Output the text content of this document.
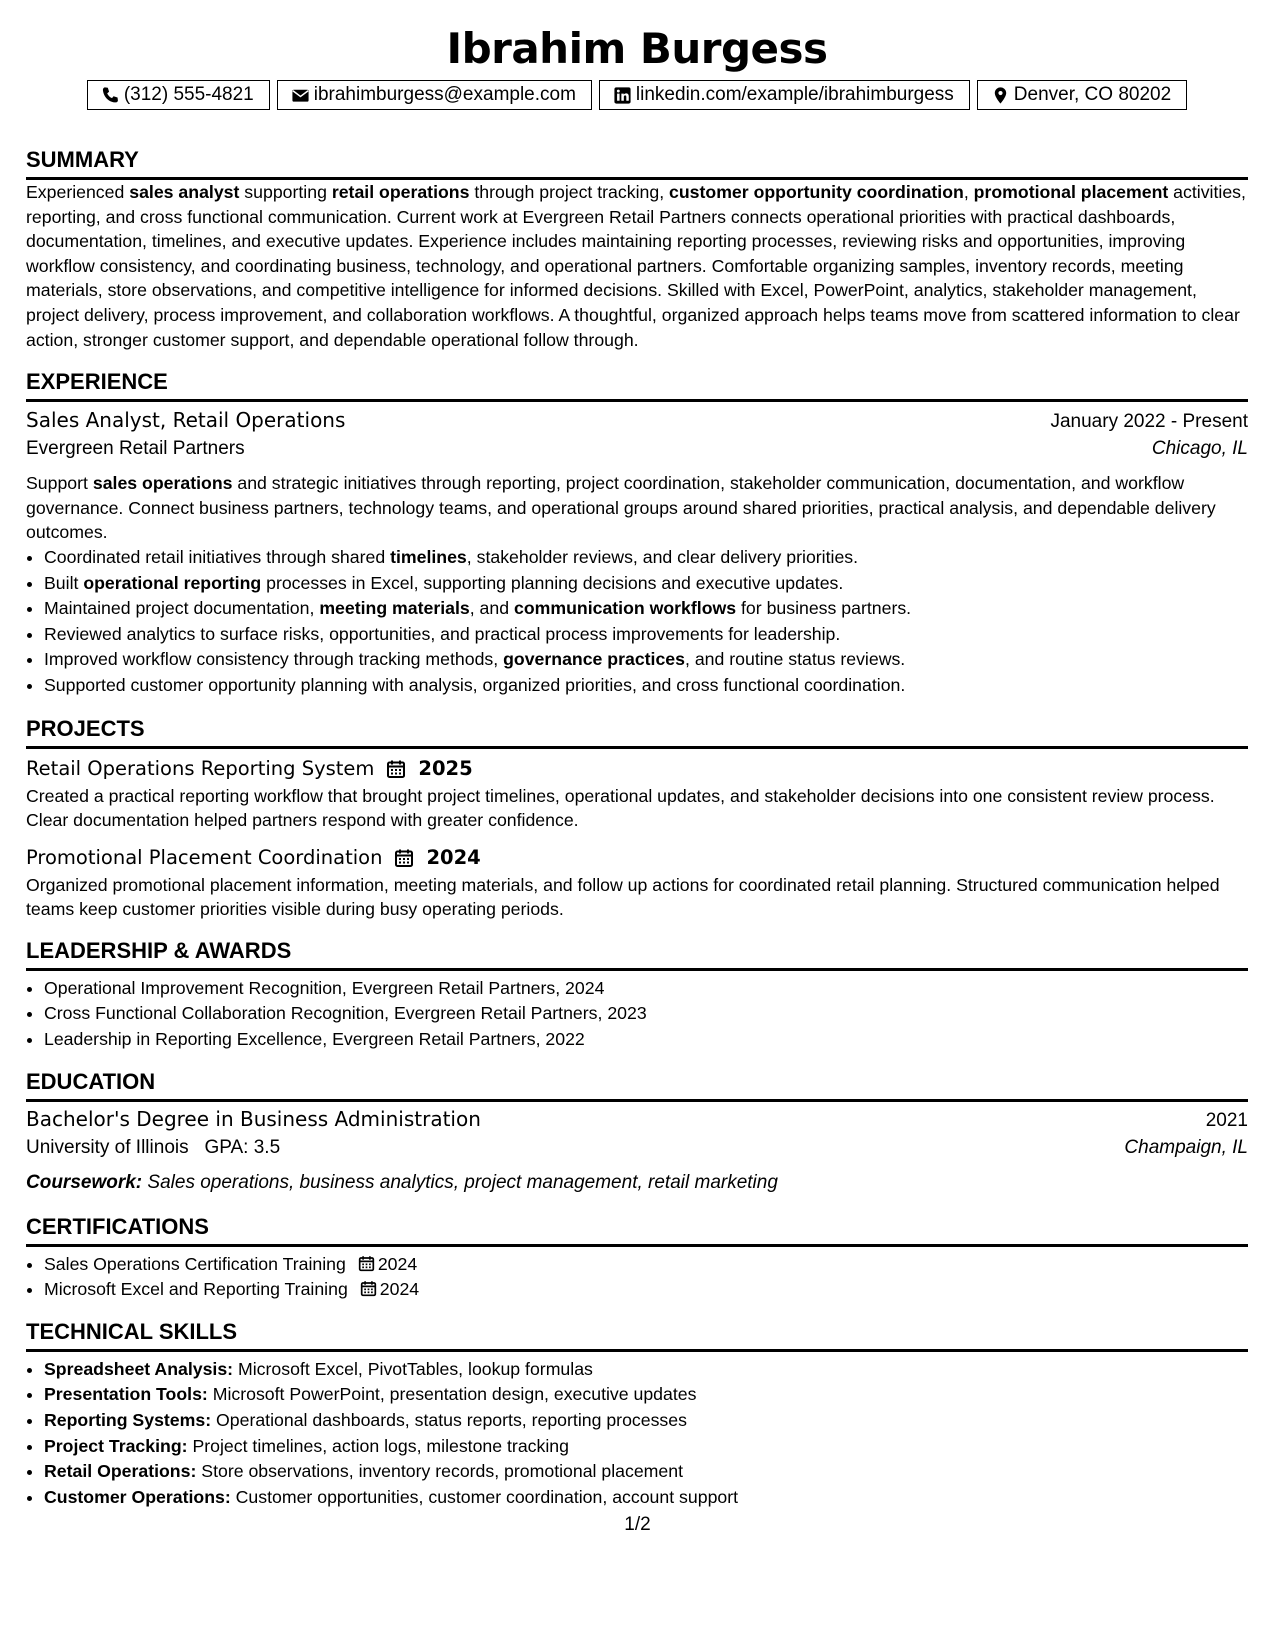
Ibrahim Burgess
(312) 555-4821	ibrahimburgess@example.com	linkedin.com/example/ibrahimburgess	Denver, CO 80202
SUMMARY

Experienced sales analyst supporting retail operations through project tracking, customer opportunity coordination, promotional placement activities, reporting, and cross functional communication. Current work at Evergreen Retail Partners connects operational priorities with practical dashboards, documentation, timelines, and executive updates. Experience includes maintaining reporting processes, reviewing risks and opportunities, improving workflow consistency, and coordinating business, technology, and operational partners. Comfortable organizing samples, inventory records, meeting materials, store observations, and competitive intelligence for informed decisions. Skilled with Excel, PowerPoint, analytics, stakeholder management, project delivery, process improvement, and collaboration workflows. A thoughtful, organized approach helps teams move from scattered information to clear action, stronger customer support, and dependable operational follow through.

EXPERIENCE
Sales Analyst, Retail Operations	January 2022 - Present
Evergreen Retail Partners	Chicago, IL

Support sales operations and strategic initiatives through reporting, project coordination, stakeholder communication, documentation, and workflow governance. Connect business partners, technology teams, and operational groups around shared priorities, practical analysis, and dependable delivery outcomes.

• Coordinated retail initiatives through shared timelines, stakeholder reviews, and clear delivery priorities.
• Built operational reporting processes in Excel, supporting planning decisions and executive updates.
• Maintained project documentation, meeting materials, and communication workflows for business partners.
• Reviewed analytics to surface risks, opportunities, and practical process improvements for leadership.
• Improved workflow consistency through tracking methods, governance practices, and routine status reviews.
• Supported customer opportunity planning with analysis, organized priorities, and cross functional coordination.
PROJECTS
Retail Operations Reporting System 2025

Created a practical reporting workflow that brought project timelines, operational updates, and stakeholder decisions into one consistent review process. Clear documentation helped partners respond with greater confidence.

Promotional Placement Coordination 2024

Organized promotional placement information, meeting materials, and follow up actions for coordinated retail planning. Structured communication helped teams keep customer priorities visible during busy operating periods.

LEADERSHIP & AWARDS
• Operational Improvement Recognition, Evergreen Retail Partners, 2024
• Cross Functional Collaboration Recognition, Evergreen Retail Partners, 2023
• Leadership in Reporting Excellence, Evergreen Retail Partners, 2022
EDUCATION
Bachelor's Degree in Business Administration	2021
University of Illinois GPA: 3.5	Champaign, IL
Coursework: Sales operations, business analytics, project management, retail marketing
CERTIFICATIONS
• Sales Operations Certification Training 2024
• Microsoft Excel and Reporting Training 2024
TECHNICAL SKILLS
• Spreadsheet Analysis: Microsoft Excel, PivotTables, lookup formulas
• Presentation Tools: Microsoft PowerPoint, presentation design, executive updates
• Reporting Systems: Operational dashboards, status reports, reporting processes
• Project Tracking: Project timelines, action logs, milestone tracking
• Retail Operations: Store observations, inventory records, promotional placement
• Customer Operations: Customer opportunities, customer coordination, account support
1/2
